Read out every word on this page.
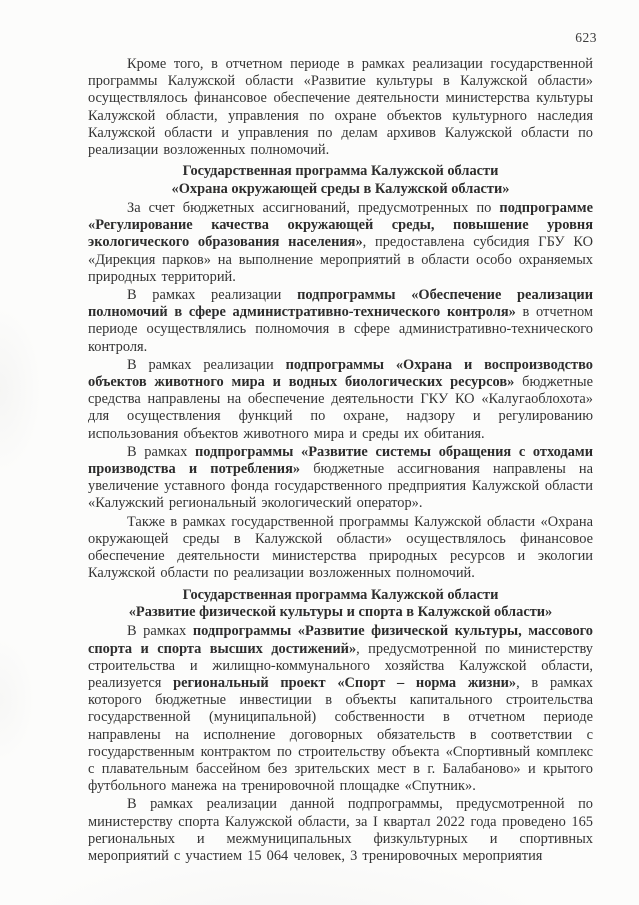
623

Кроме того, в отчетном периоде в рамках реализации государственной программы Калужской области «Развитие культуры в Калужской области» осуществлялось финансовое обеспечение деятельности министерства культуры Калужской области, управления по охране объектов культурного наследия Калужской области и управления по делам архивов Калужской области по реализации возложенных полномочий.

Государственная программа Калужской области
«Охрана окружающей среды в Калужской области»

За счет бюджетных ассигнований, предусмотренных по подпрограмме «Регулирование качества окружающей среды, повышение уровня экологического образования населения», предоставлена субсидия ГБУ КО «Дирекция парков» на выполнение мероприятий в области особо охраняемых природных территорий.

В рамках реализации подпрограммы «Обеспечение реализации полномочий в сфере административно-технического контроля» в отчетном периоде осуществлялись полномочия в сфере административно-технического контроля.

В рамках реализации подпрограммы «Охрана и воспроизводство объектов животного мира и водных биологических ресурсов» бюджетные средства направлены на обеспечение деятельности ГКУ КО «Калугаоблохота» для осуществления функций по охране, надзору и регулированию использования объектов животного мира и среды их обитания.

В рамках подпрограммы «Развитие системы обращения с отходами производства и потребления» бюджетные ассигнования направлены на увеличение уставного фонда государственного предприятия Калужской области «Калужский региональный экологический оператор».

Также в рамках государственной программы Калужской области «Охрана окружающей среды в Калужской области» осуществлялось финансовое обеспечение деятельности министерства природных ресурсов и экологии Калужской области по реализации возложенных полномочий.

Государственная программа Калужской области
«Развитие физической культуры и спорта в Калужской области»

В рамках подпрограммы «Развитие физической культуры, массового спорта и спорта высших достижений», предусмотренной по министерству строительства и жилищно-коммунального хозяйства Калужской области, реализуется региональный проект «Спорт – норма жизни», в рамках которого бюджетные инвестиции в объекты капитального строительства государственной (муниципальной) собственности в отчетном периоде направлены на исполнение договорных обязательств в соответствии с государственным контрактом по строительству объекта «Спортивный комплекс с плавательным бассейном без зрительских мест в г. Балабаново» и крытого футбольного манежа на тренировочной площадке «Спутник».

В рамках реализации данной подпрограммы, предусмотренной по министерству спорта Калужской области, за I квартал 2022 года проведено 165 региональных и межмуниципальных физкультурных и спортивных мероприятий с участием 15 064 человек, 3 тренировочных мероприятия
